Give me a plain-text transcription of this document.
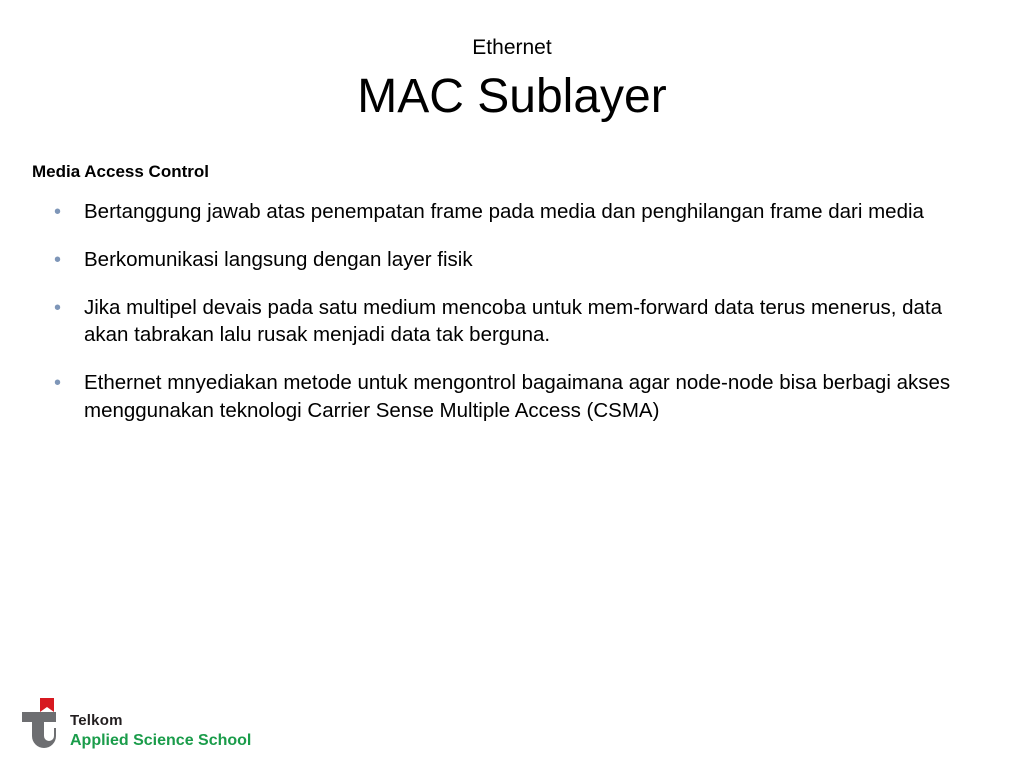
Ethernet
MAC Sublayer
Media Access Control
• Bertanggung jawab atas penempatan frame pada media dan penghilangan frame dari media
• Berkomunikasi langsung dengan layer fisik
• Jika multipel devais pada satu medium mencoba untuk mem-forward data terus menerus, data akan tabrakan lalu rusak menjadi data tak berguna.
• Ethernet mnyediakan metode untuk mengontrol bagaimana agar node-node bisa berbagi akses menggunakan teknologi Carrier Sense Multiple Access (CSMA)
Telkom
Applied Science School
